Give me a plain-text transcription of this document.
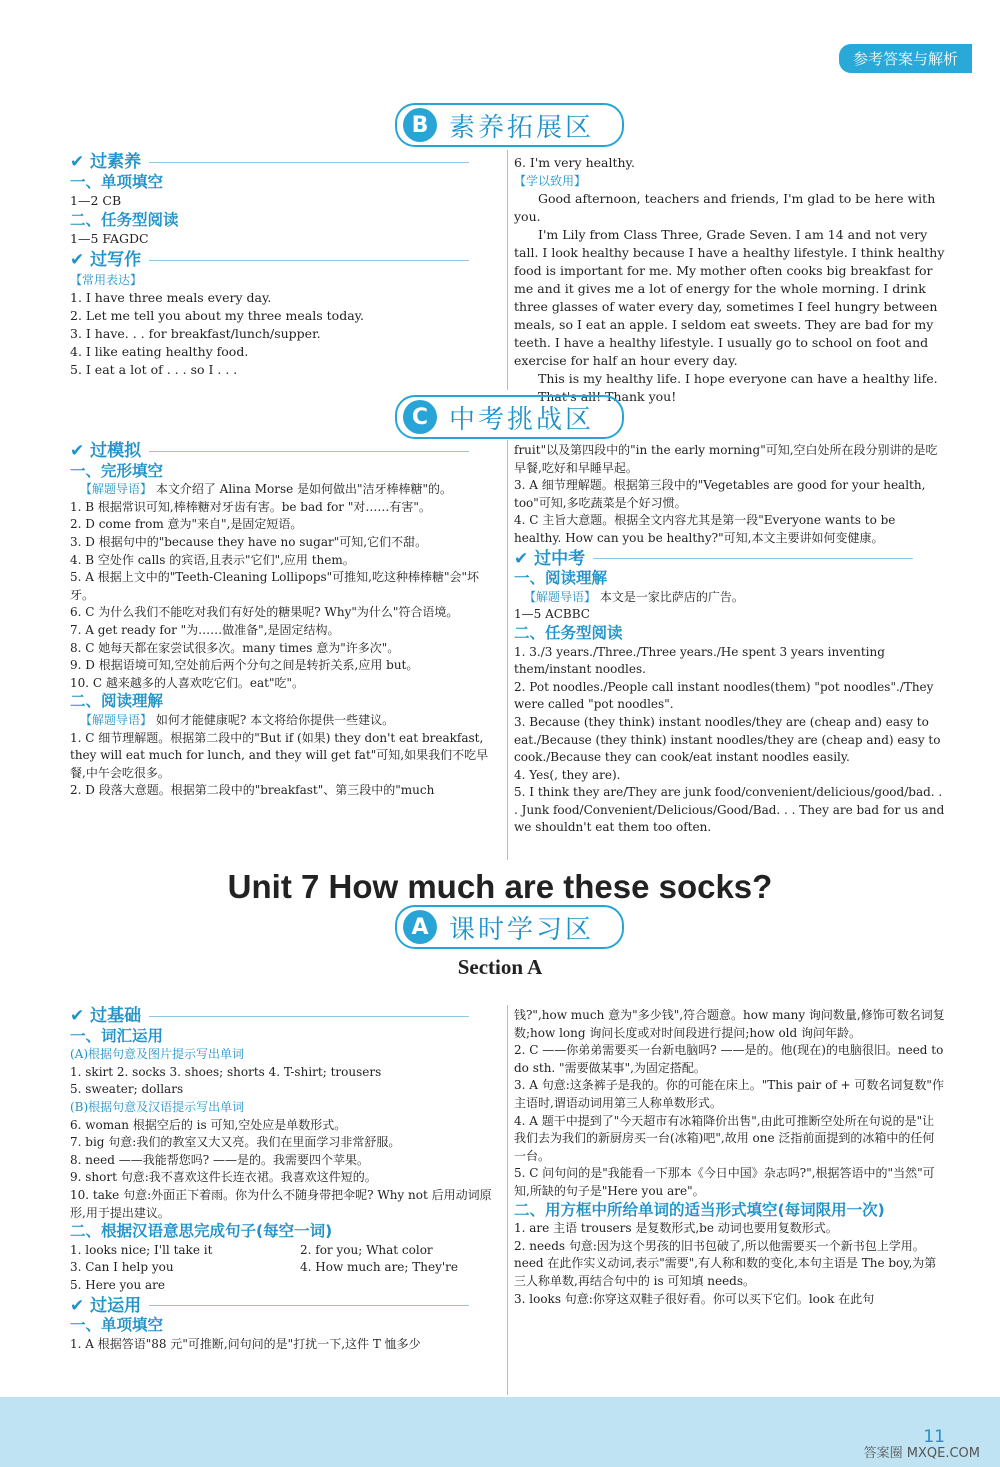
参考答案与解析
B 素养拓展区
✔ 过素养
一、单项填空

1—2 CB

二、任务型阅读

1—5 FAGDC

✔ 过写作
【常用表达】

1. I have three meals every day.

2. Let me tell you about my three meals today.

3. I have. . . for breakfast/lunch/supper.

4. I like eating healthy food.

5. I eat a lot of . . . so I . . .

6. I'm very healthy.

【学以致用】

Good afternoon, teachers and friends, I'm glad to be here with you.

I'm Lily from Class Three, Grade Seven. I am 14 and not very tall. I look healthy because I have a healthy lifestyle. I think healthy food is important for me. My mother often cooks big breakfast for me and it gives me a lot of energy for the whole morning. I drink three glasses of water every day, sometimes I feel hungry between meals, so I eat an apple. I seldom eat sweets. They are bad for my teeth. I have a healthy lifestyle. I usually go to school on foot and exercise for half an hour every day.

This is my healthy life. I hope everyone can have a healthy life.

That's all! Thank you!

C 中考挑战区
✔ 过模拟
一、完形填空

【解题导语】 本文介绍了 Alina Morse 是如何做出"洁牙棒棒糖"的。

1. B 根据常识可知,棒棒糖对牙齿有害。be bad for "对……有害"。

2. D come from 意为"来自",是固定短语。

3. D 根据句中的"because they have no sugar"可知,它们不甜。

4. B 空处作 calls 的宾语,且表示"它们",应用 them。

5. A 根据上文中的"Teeth-Cleaning Lollipops"可推知,吃这种棒棒糖"会"坏牙。

6. C 为什么我们不能吃对我们有好处的糖果呢? Why"为什么"符合语境。

7. A get ready for "为……做准备",是固定结构。

8. C 她每天都在家尝试很多次。many times 意为"许多次"。

9. D 根据语境可知,空处前后两个分句之间是转折关系,应用 but。

10. C 越来越多的人喜欢吃它们。eat"吃"。

二、阅读理解

【解题导语】 如何才能健康呢? 本文将给你提供一些建议。

1. C 细节理解题。根据第二段中的"But if (如果) they don't eat breakfast, they will eat much for lunch, and they will get fat"可知,如果我们不吃早餐,中午会吃很多。

2. D 段落大意题。根据第二段中的"breakfast"、第三段中的"much

fruit"以及第四段中的"in the early morning"可知,空白处所在段分别讲的是吃早餐,吃好和早睡早起。

3. A 细节理解题。根据第三段中的"Vegetables are good for your health, too"可知,多吃蔬菜是个好习惯。

4. C 主旨大意题。根据全文内容尤其是第一段"Everyone wants to be healthy. How can you be healthy?"可知,本文主要讲如何变健康。

✔ 过中考
一、阅读理解

【解题导语】 本文是一家比萨店的广告。

1—5 ACBBC

二、任务型阅读

1. 3./3 years./Three./Three years./He spent 3 years inventing them/instant noodles.

2. Pot noodles./People call instant noodles(them) "pot noodles"./They were called "pot noodles".

3. Because (they think) instant noodles/they are (cheap and) easy to eat./Because (they think) instant noodles/they are (cheap and) easy to cook./Because they can cook/eat instant noodles easily.

4. Yes(, they are).

5. I think they are/They are junk food/convenient/delicious/good/bad. . . Junk food/Convenient/Delicious/Good/Bad. . . They are bad for us and we shouldn't eat them too often.

Unit 7 How much are these socks?
A 课时学习区
Section A
✔ 过基础
一、词汇运用
(A)根据句意及图片提示写出单词

1. skirt 2. socks 3. shoes; shorts 4. T-shirt; trousers

5. sweater; dollars

(B)根据句意及汉语提示写出单词

6. woman 根据空后的 is 可知,空处应是单数形式。

7. big 句意:我们的教室又大又亮。我们在里面学习非常舒服。

8. need ——我能帮您吗? ——是的。我需要四个苹果。

9. short 句意:我不喜欢这件长连衣裙。我喜欢这件短的。

10. take 句意:外面正下着雨。你为什么不随身带把伞呢? Why not 后用动词原形,用于提出建议。

二、根据汉语意思完成句子(每空一词)
1. looks nice; I'll take it	2. for you; What color
3. Can I help you	4. How much are; They're
5. Here you are
✔ 过运用
一、单项填空

1. A 根据答语"88 元"可推断,问句问的是"打扰一下,这件 T 恤多少

钱?",how much 意为"多少钱",符合题意。how many 询问数量,修饰可数名词复数;how long 询问长度或对时间段进行提问;how old 询问年龄。

2. C ——你弟弟需要买一台新电脑吗? ——是的。他(现在)的电脑很旧。need to do sth. "需要做某事",为固定搭配。

3. A 句意:这条裤子是我的。你的可能在床上。"This pair of + 可数名词复数"作主语时,谓语动词用第三人称单数形式。

4. A 题干中提到了"今天超市有冰箱降价出售",由此可推断空处所在句说的是"让我们去为我们的新厨房买一台(冰箱)吧",故用 one 泛指前面提到的冰箱中的任何一台。

5. C 问句问的是"我能看一下那本《今日中国》杂志吗?",根据答语中的"当然"可知,所缺的句子是"Here you are"。

二、用方框中所给单词的适当形式填空(每词限用一次)

1. are 主语 trousers 是复数形式,be 动词也要用复数形式。

2. needs 句意:因为这个男孩的旧书包破了,所以他需要买一个新书包上学用。need 在此作实义动词,表示"需要",有人称和数的变化,本句主语是 The boy,为第三人称单数,再结合句中的 is 可知填 needs。

3. looks 句意:你穿这双鞋子很好看。你可以买下它们。look 在此句

11
答案圈 MXQE.COM
